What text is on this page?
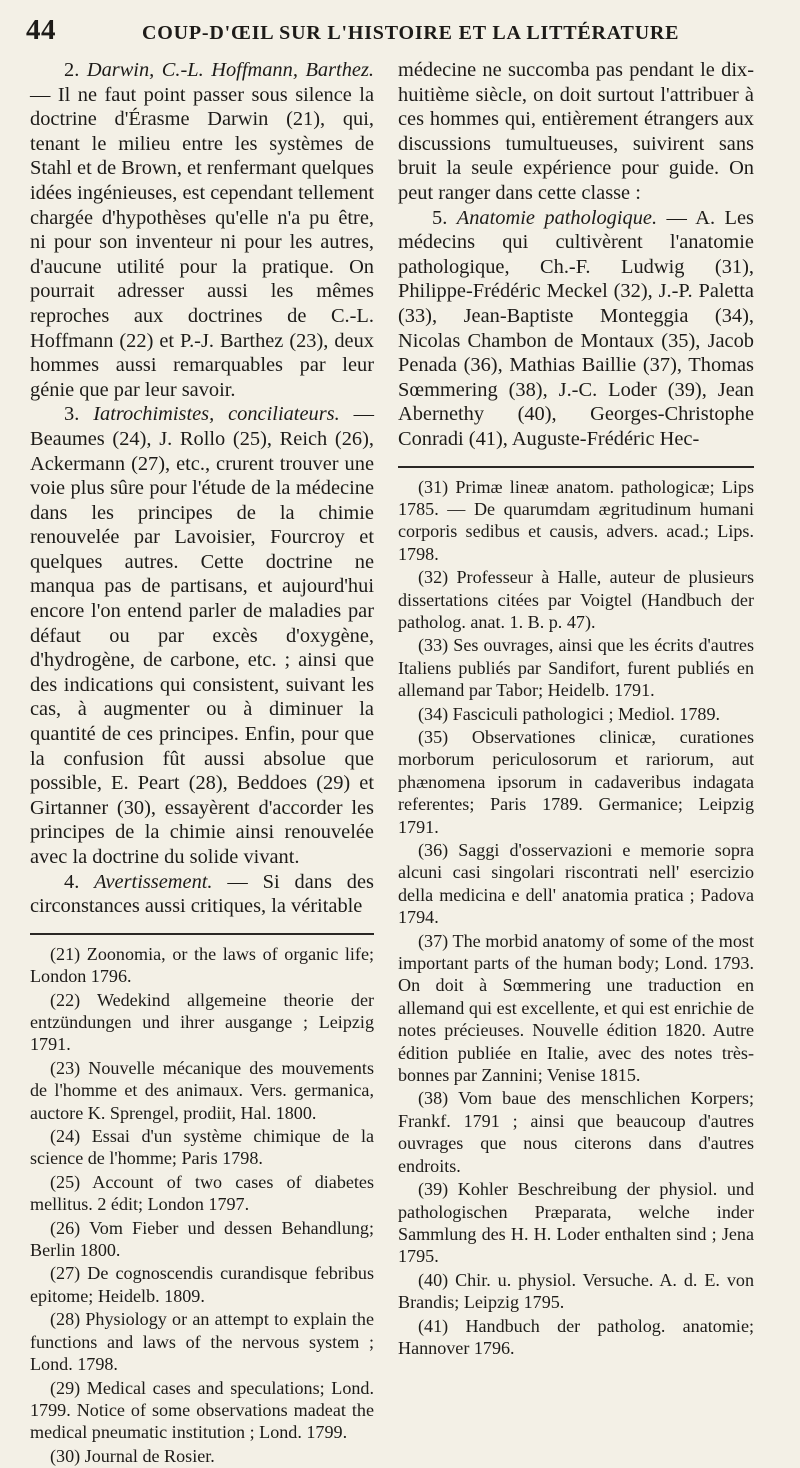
44	COUP-D'ŒIL SUR L'HISTOIRE ET LA LITTÉRATURE

2. Darwin, C.-L. Hoffmann, Barthez. — Il ne faut point passer sous silence la doctrine d'Érasme Darwin (21), qui, tenant le milieu entre les systèmes de Stahl et de Brown, et renfermant quelques idées ingénieuses, est cependant tellement chargée d'hypothèses qu'elle n'a pu être, ni pour son inventeur ni pour les autres, d'aucune utilité pour la pratique. On pourrait adresser aussi les mêmes reproches aux doctrines de C.-L. Hoffmann (22) et P.-J. Barthez (23), deux hommes aussi remarquables par leur génie que par leur savoir.

3. Iatrochimistes, conciliateurs. — Beaumes (24), J. Rollo (25), Reich (26), Ackermann (27), etc., crurent trouver une voie plus sûre pour l'étude de la médecine dans les principes de la chimie renouvelée par Lavoisier, Fourcroy et quelques autres. Cette doctrine ne manqua pas de partisans, et aujourd'hui encore l'on entend parler de maladies par défaut ou par excès d'oxygène, d'hydrogène, de carbone, etc. ; ainsi que des indications qui consistent, suivant les cas, à augmenter ou à diminuer la quantité de ces principes. Enfin, pour que la confusion fût aussi absolue que possible, E. Peart (28), Beddoes (29) et Girtanner (30), essayèrent d'accorder les principes de la chimie ainsi renouvelée avec la doctrine du solide vivant.

4. Avertissement. — Si dans des circonstances aussi critiques, la véritable

(21) Zoonomia, or the laws of organic life; London 1796.

(22) Wedekind allgemeine theorie der entzündungen und ihrer ausgange ; Leipzig 1791.

(23) Nouvelle mécanique des mouvements de l'homme et des animaux. Vers. germanica, auctore K. Sprengel, prodiit, Hal. 1800.

(24) Essai d'un système chimique de la science de l'homme; Paris 1798.

(25) Account of two cases of diabetes mellitus. 2 édit; London 1797.

(26) Vom Fieber und dessen Behandlung; Berlin 1800.

(27) De cognoscendis curandisque febribus epitome; Heidelb. 1809.

(28) Physiology or an attempt to explain the functions and laws of the nervous system ; Lond. 1798.

(29) Medical cases and speculations; Lond. 1799. Notice of some observations madeat the medical pneumatic institution ; Lond. 1799.

(30) Journal de Rosier.

médecine ne succomba pas pendant le dix-huitième siècle, on doit surtout l'attribuer à ces hommes qui, entièrement étrangers aux discussions tumultueuses, suivirent sans bruit la seule expérience pour guide. On peut ranger dans cette classe :

5. Anatomie pathologique. — A. Les médecins qui cultivèrent l'anatomie pathologique, Ch.-F. Ludwig (31), Philippe-Frédéric Meckel (32), J.-P. Paletta (33), Jean-Baptiste Monteggia (34), Nicolas Chambon de Montaux (35), Jacob Penada (36), Mathias Baillie (37), Thomas Sœmmering (38), J.-C. Loder (39), Jean Abernethy (40), Georges-Christophe Conradi (41), Auguste-Frédéric Hec-

(31) Primæ lineæ anatom. pathologicæ; Lips 1785. — De quarumdam ægritudinum humani corporis sedibus et causis, advers. acad.; Lips. 1798.

(32) Professeur à Halle, auteur de plusieurs dissertations citées par Voigtel (Handbuch der patholog. anat. 1. B. p. 47).

(33) Ses ouvrages, ainsi que les écrits d'autres Italiens publiés par Sandifort, furent publiés en allemand par Tabor; Heidelb. 1791.

(34) Fasciculi pathologici ; Mediol. 1789.

(35) Observationes clinicæ, curationes morborum periculosorum et rariorum, aut phænomena ipsorum in cadaveribus indagata referentes; Paris 1789. Germanice; Leipzig 1791.

(36) Saggi d'osservazioni e memorie sopra alcuni casi singolari riscontrati nell' esercizio della medicina e dell' anatomia pratica ; Padova 1794.

(37) The morbid anatomy of some of the most important parts of the human body; Lond. 1793. On doit à Sœmmering une traduction en allemand qui est excellente, et qui est enrichie de notes précieuses. Nouvelle édition 1820. Autre édition publiée en Italie, avec des notes très-bonnes par Zannini; Venise 1815.

(38) Vom baue des menschlichen Korpers; Frankf. 1791 ; ainsi que beaucoup d'autres ouvrages que nous citerons dans d'autres endroits.

(39) Kohler Beschreibung der physiol. und pathologischen Præparata, welche inder Sammlung des H. H. Loder enthalten sind ; Jena 1795.

(40) Chir. u. physiol. Versuche. A. d. E. von Brandis; Leipzig 1795.

(41) Handbuch der patholog. anatomie; Hannover 1796.
